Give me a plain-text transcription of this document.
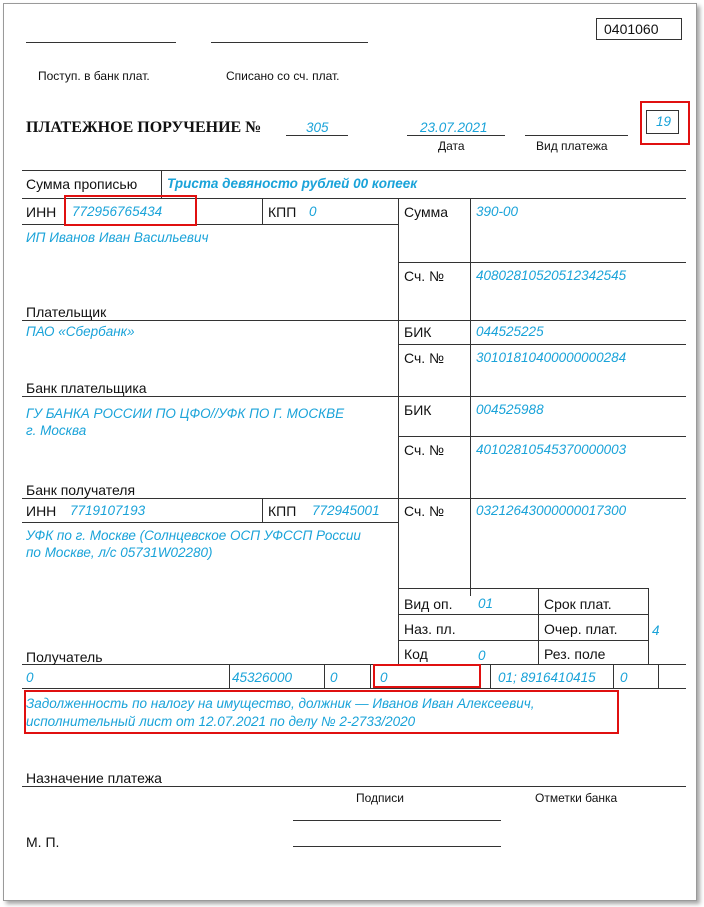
0401060
Поступ. в банк плат.	Списано со сч. плат.
ПЛАТЕЖНОЕ ПОРУЧЕНИЕ №	305	23.07.2021
Дата	Вид платежа
19
Сумма прописью Триста девяносто рублей 00 копеек
ИНН 772956765434	КПП 0	Сумма 390-00
ИП Иванов Иван Васильевич
Сч. № 40802810520512342545
Плательщик
ПАО «Сбербанк»	БИК	044525225
Сч. № 30101810400000000284
Банк плательщика
ГУ БАНКА РОССИИ ПО ЦФО//УФК ПО Г. МОСКВЕ
г. Москва
БИК	004525988
Сч. № 40102810545370000003
Банк получателя
ИНН 7719107193	КПП 772945001 Сч. № 03212643000000017300
УФК по г. Москве (Солнцевское ОСП УФССП России
по Москве, л/с 05731W02280)
Вид оп. 01	Срок плат.
Наз. пл.	Очер. плат.	4
Код	0	Рез. поле
Получатель
0	45326000	0	0	01; 8916410415 0
Задолженность по налогу на имущество, должник — Иванов Иван Алексеевич,
исполнительный лист от 12.07.2021 по делу № 2-2733/2020
Назначение платежа
Подписи	Отметки банка
М. П.
